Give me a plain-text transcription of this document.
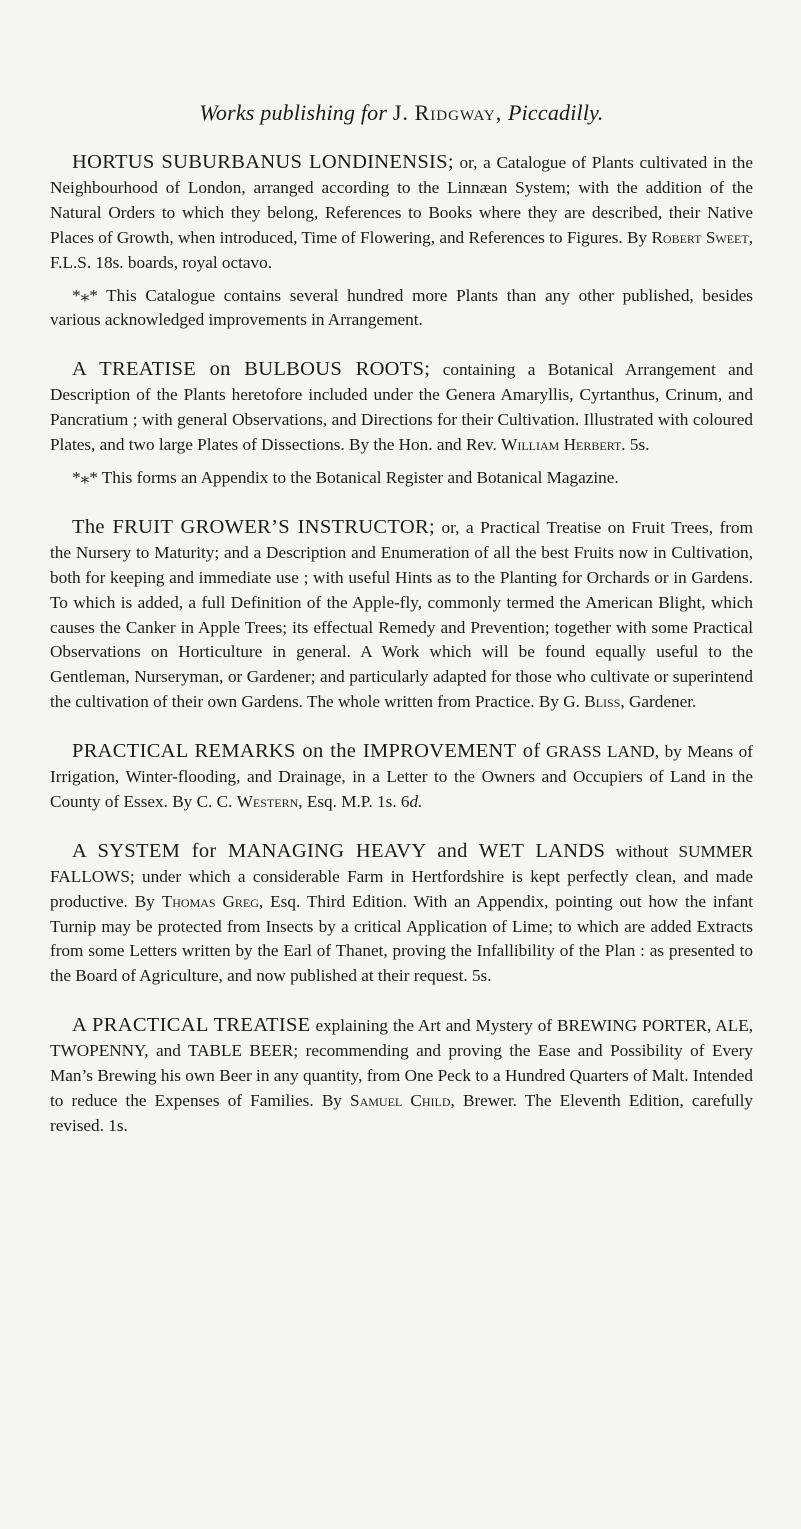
Works publishing for J. Ridgway, Piccadilly.

HORTUS SUBURBANUS LONDINENSIS; or, a Catalogue of Plants cultivated in the Neighbourhood of London, arranged according to the Linnæan System; with the addition of the Natural Orders to which they belong, References to Books where they are described, their Native Places of Growth, when introduced, Time of Flowering, and References to Figures. By Robert Sweet, F.L.S. 18s. boards, royal octavo.

*⁎* This Catalogue contains several hundred more Plants than any other published, besides various acknowledged improvements in Arrangement.

A TREATISE on BULBOUS ROOTS; containing a Botanical Arrangement and Description of the Plants heretofore included under the Genera Amaryllis, Cyrtanthus, Crinum, and Pancratium ; with general Observations, and Directions for their Cultivation. Illustrated with coloured Plates, and two large Plates of Dissections. By the Hon. and Rev. William Herbert. 5s.

*⁎* This forms an Appendix to the Botanical Register and Botanical Magazine.

The FRUIT GROWER’S INSTRUCTOR; or, a Practical Treatise on Fruit Trees, from the Nursery to Maturity; and a Description and Enumeration of all the best Fruits now in Cultivation, both for keeping and immediate use ; with useful Hints as to the Planting for Orchards or in Gardens. To which is added, a full Definition of the Apple-fly, commonly termed the American Blight, which causes the Canker in Apple Trees; its effectual Remedy and Prevention; together with some Practical Observations on Horticulture in general. A Work which will be found equally useful to the Gentleman, Nurseryman, or Gardener; and particularly adapted for those who cultivate or superintend the cultivation of their own Gardens. The whole written from Practice. By G. Bliss, Gardener.

PRACTICAL REMARKS on the IMPROVEMENT of GRASS LAND, by Means of Irrigation, Winter-flooding, and Drainage, in a Letter to the Owners and Occupiers of Land in the County of Essex. By C. C. Western, Esq. M.P. 1s. 6d.

A SYSTEM for MANAGING HEAVY and WET LANDS without SUMMER FALLOWS; under which a considerable Farm in Hertfordshire is kept perfectly clean, and made productive. By Thomas Greg, Esq. Third Edition. With an Appendix, pointing out how the infant Turnip may be protected from Insects by a critical Application of Lime; to which are added Extracts from some Letters written by the Earl of Thanet, proving the Infallibility of the Plan : as presented to the Board of Agriculture, and now published at their request. 5s.

A PRACTICAL TREATISE explaining the Art and Mystery of BREWING PORTER, ALE, TWOPENNY, and TABLE BEER; recommending and proving the Ease and Possibility of Every Man’s Brewing his own Beer in any quantity, from One Peck to a Hundred Quarters of Malt. Intended to reduce the Expenses of Families. By Samuel Child, Brewer. The Eleventh Edition, carefully revised. 1s.
